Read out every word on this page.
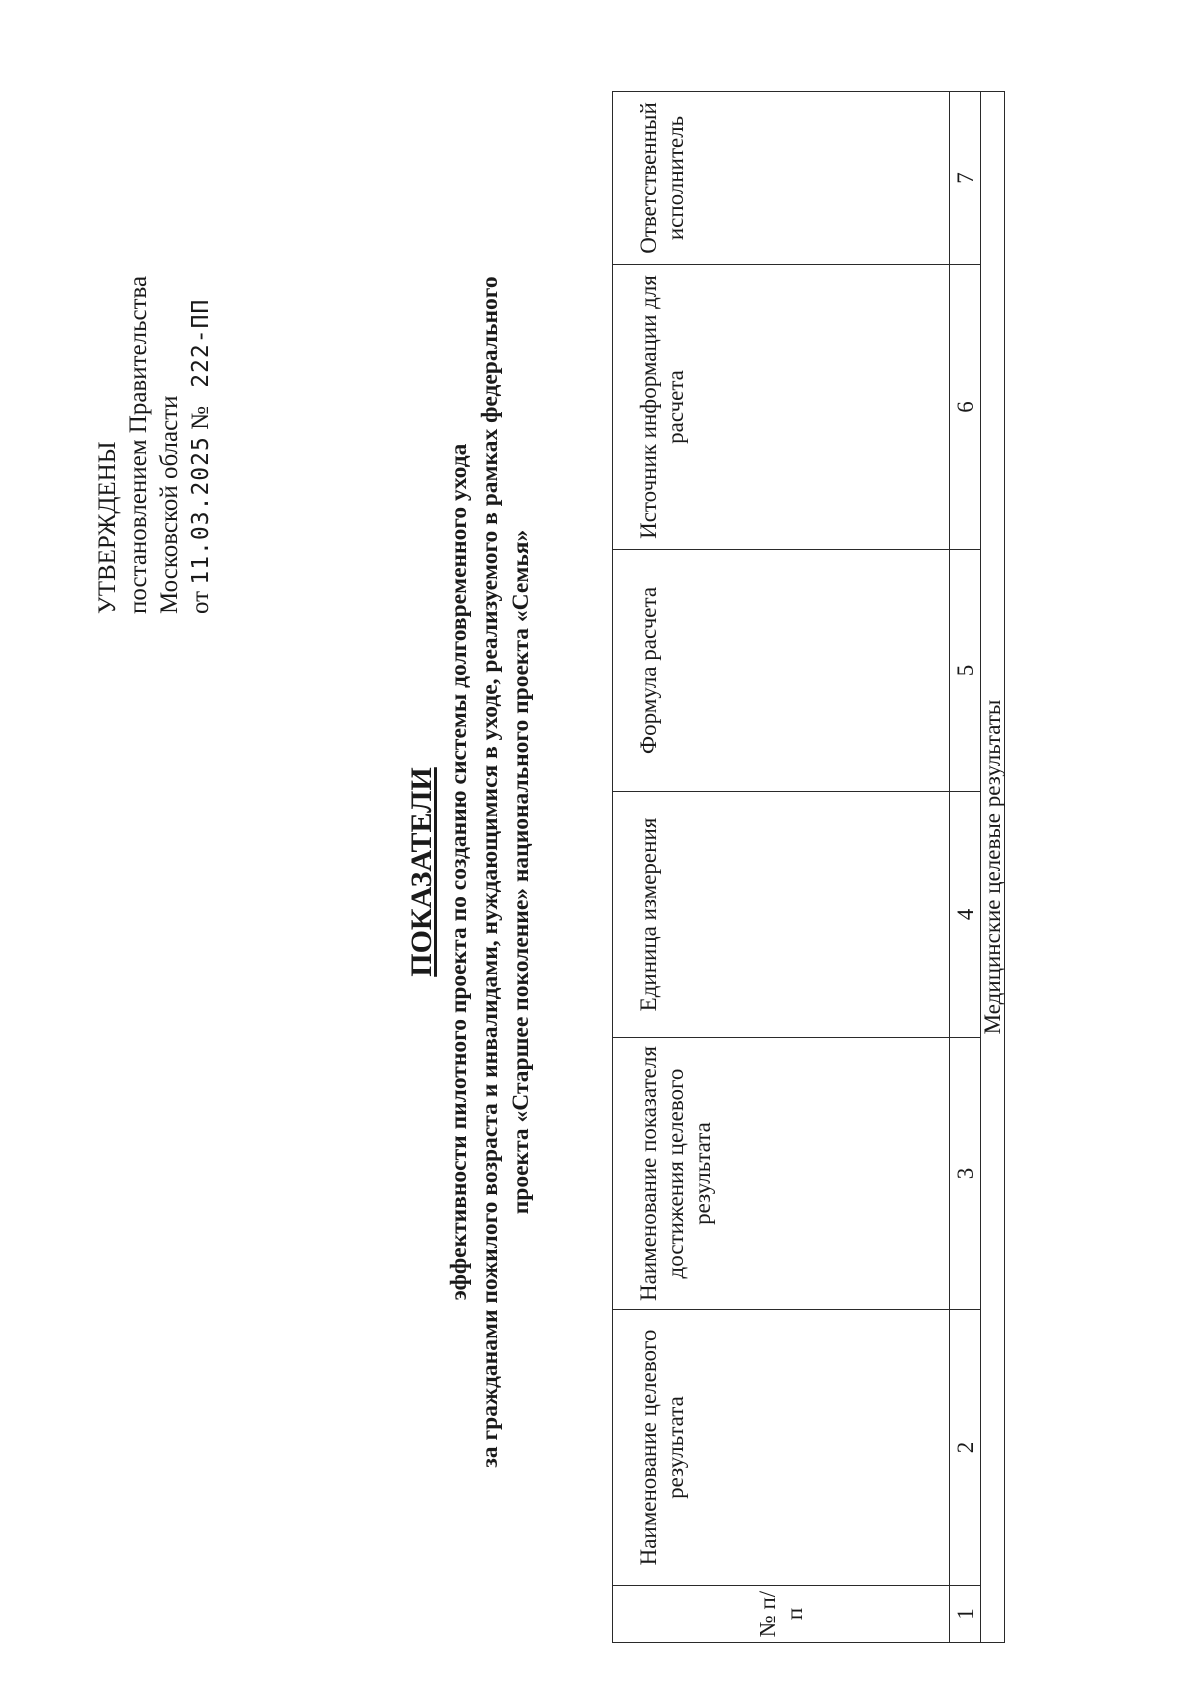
УТВЕРЖДЕНЫ постановлением Правительства Московской области от 11.03.2025 № 222-ПП
ПОКАЗАТЕЛИ эффективности пилотного проекта по созданию системы долговременного ухода за гражданами пожилого возраста и инвалидами, нуждающимися в уходе, реализуемого в рамках федерального проекта «Старшее поколение» национального проекта «Семья»
№ п/п	Наименование целевого результата	Наименование показателя достижения целевого результата	Единица измерения	Формула расчета	Источник информации для расчета	Ответственный исполнитель
1	2	3	4	5	6	7
Медицинские целевые результаты						
